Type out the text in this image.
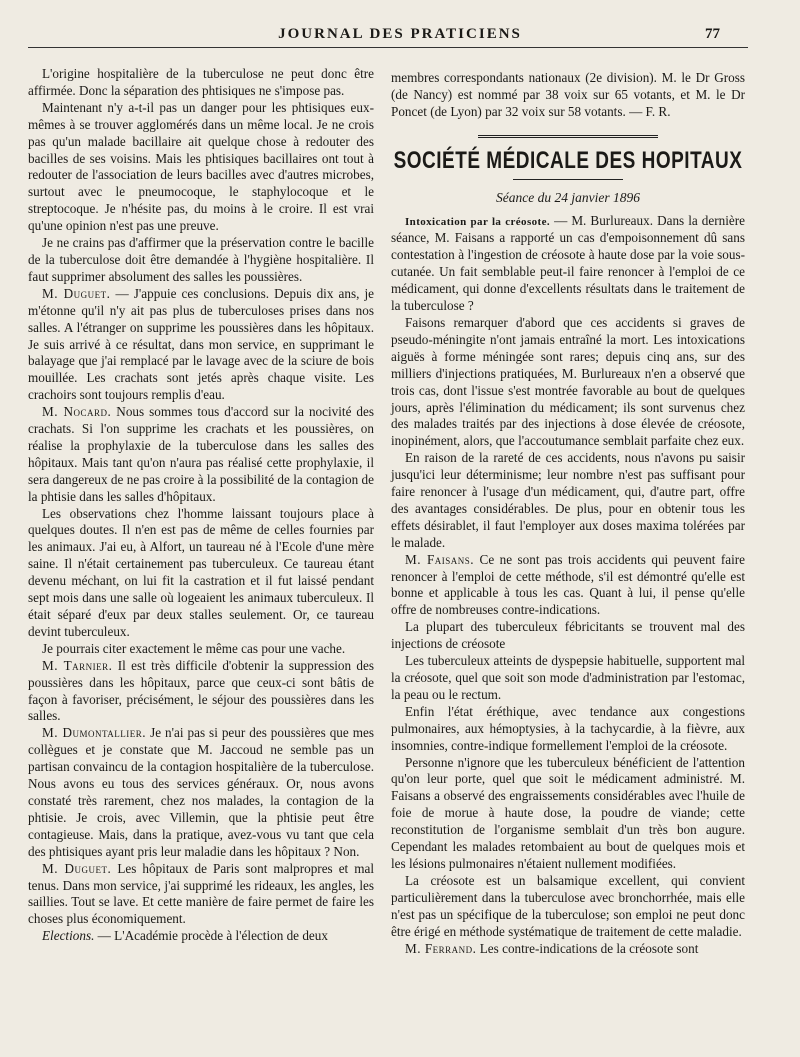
JOURNAL DES PRATICIENS	77

L'origine hospitalière de la tuberculose ne peut donc être affirmée. Donc la séparation des phtisiques ne s'impose pas.

Maintenant n'y a-t-il pas un danger pour les phtisiques eux-mêmes à se trouver agglomérés dans un même local. Je ne crois pas qu'un malade bacillaire ait quelque chose à redouter des bacilles de ses voisins. Mais les phtisiques bacillaires ont tout à redouter de l'association de leurs bacilles avec d'autres microbes, surtout avec le pneumocoque, le staphylocoque et le streptocoque. Je n'hésite pas, du moins à le croire. Il est vrai qu'une opinion n'est pas une preuve.

Je ne crains pas d'affirmer que la préservation contre le bacille de la tuberculose doit être demandée à l'hygiène hospitalière. Il faut supprimer absolument des salles les poussières.

M. Duguet. — J'appuie ces conclusions. Depuis dix ans, je m'étonne qu'il n'y ait pas plus de tuberculoses prises dans nos salles. A l'étranger on supprime les poussières dans les hôpitaux. Je suis arrivé à ce résultat, dans mon service, en supprimant le balayage que j'ai remplacé par le lavage avec de la sciure de bois mouillée. Les crachats sont jetés après chaque visite. Les crachoirs sont toujours remplis d'eau.

M. Nocard. Nous sommes tous d'accord sur la nocivité des crachats. Si l'on supprime les crachats et les poussières, on réalise la prophylaxie de la tuberculose dans les salles des hôpitaux. Mais tant qu'on n'aura pas réalisé cette prophylaxie, il sera dangereux de ne pas croire à la possibilité de la contagion de la phtisie dans les salles d'hôpitaux.

Les observations chez l'homme laissant toujours place à quelques doutes. Il n'en est pas de même de celles fournies par les animaux. J'ai eu, à Alfort, un taureau né à l'Ecole d'une mère saine. Il n'était certainement pas tuberculeux. Ce taureau étant devenu méchant, on lui fit la castration et il fut laissé pendant sept mois dans une salle où logeaient les animaux tuberculeux. Il était séparé d'eux par deux stalles seulement. Or, ce taureau devint tuberculeux.

Je pourrais citer exactement le même cas pour une vache.

M. Tarnier. Il est très difficile d'obtenir la suppression des poussières dans les hôpitaux, parce que ceux-ci sont bâtis de façon à favoriser, précisément, le séjour des poussières dans les salles.

M. Dumontallier. Je n'ai pas si peur des poussières que mes collègues et je constate que M. Jaccoud ne semble pas un partisan convaincu de la contagion hospitalière de la tuberculose. Nous avons eu tous des services généraux. Or, nous avons constaté très rarement, chez nos malades, la contagion de la phtisie. Je crois, avec Villemin, que la phtisie peut être contagieuse. Mais, dans la pratique, avez-vous vu tant que cela des phtisiques ayant pris leur maladie dans les hôpitaux ? Non.

M. Duguet. Les hôpitaux de Paris sont malpropres et mal tenus. Dans mon service, j'ai supprimé les rideaux, les angles, les saillies. Tout se lave. Et cette manière de faire permet de faire les choses plus économiquement.

Elections. — L'Académie procède à l'élection de deux

membres correspondants nationaux (2e division). M. le Dr Gross (de Nancy) est nommé par 38 voix sur 65 votants, et M. le Dr Poncet (de Lyon) par 32 voix sur 58 votants. — F. R.

SOCIÉTÉ MÉDICALE DES HOPITAUX
Séance du 24 janvier 1896

Intoxication par la créosote. — M. Burlureaux. Dans la dernière séance, M. Faisans a rapporté un cas d'empoisonnement dû sans contestation à l'ingestion de créosote à haute dose par la voie sous-cutanée. Un fait semblable peut-il faire renoncer à l'emploi de ce médicament, qui donne d'excellents résultats dans le traitement de la tuberculose ?

Faisons remarquer d'abord que ces accidents si graves de pseudo-méningite n'ont jamais entraîné la mort. Les intoxications aiguës à forme méningée sont rares; depuis cinq ans, sur des milliers d'injections pratiquées, M. Burlureaux n'en a observé que trois cas, dont l'issue s'est montrée favorable au bout de quelques jours, après l'élimination du médicament; ils sont survenus chez des malades traités par des injections à dose élevée de créosote, inopinément, alors, que l'accoutumance semblait parfaite chez eux.

En raison de la rareté de ces accidents, nous n'avons pu saisir jusqu'ici leur déterminisme; leur nombre n'est pas suffisant pour faire renoncer à l'usage d'un médicament, qui, d'autre part, offre des avantages considérables. De plus, pour en obtenir tous les effets désirablet, il faut l'employer aux doses maxima tolérées par le malade.

M. Faisans. Ce ne sont pas trois accidents qui peuvent faire renoncer à l'emploi de cette méthode, s'il est démontré qu'elle est bonne et applicable à tous les cas. Quant à lui, il pense qu'elle offre de nombreuses contre-indications.

La plupart des tuberculeux fébricitants se trouvent mal des injections de créosote

Les tuberculeux atteints de dyspepsie habituelle, supportent mal la créosote, quel que soit son mode d'administration par l'estomac, la peau ou le rectum.

Enfin l'état éréthique, avec tendance aux congestions pulmonaires, aux hémoptysies, à la tachycardie, à la fièvre, aux insomnies, contre-indique formellement l'emploi de la créosote.

Personne n'ignore que les tuberculeux bénéficient de l'attention qu'on leur porte, quel que soit le médicament administré. M. Faisans a observé des engraissements considérables avec l'huile de foie de morue à haute dose, la poudre de viande; cette reconstitution de l'organisme semblait d'un très bon augure. Cependant les malades retombaient au bout de quelques mois et les lésions pulmonaires n'étaient nullement modifiées.

La créosote est un balsamique excellent, qui convient particulièrement dans la tuberculose avec bronchorrhée, mais elle n'est pas un spécifique de la tuberculose; son emploi ne peut donc être érigé en méthode systématique de traitement de cette maladie.

M. Ferrand. Les contre-indications de la créosote sont
